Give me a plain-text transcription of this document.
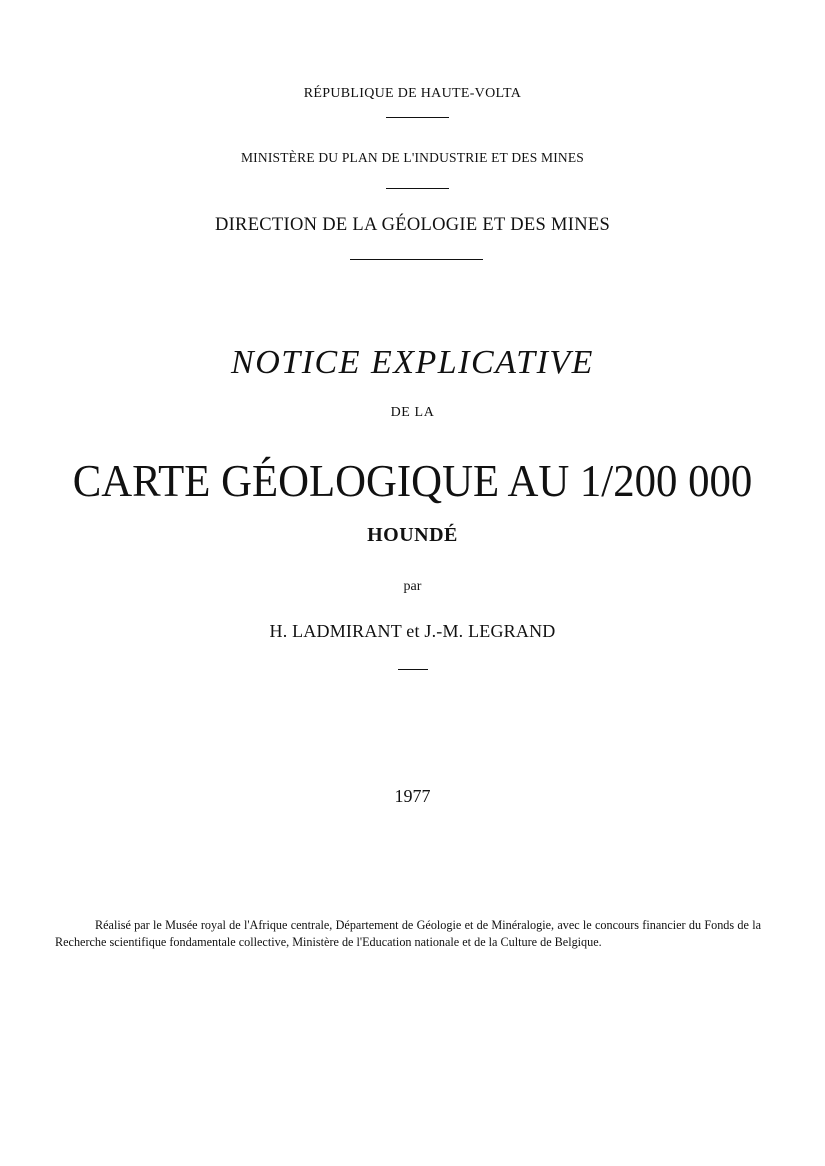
RÉPUBLIQUE DE HAUTE-VOLTA
MINISTÈRE DU PLAN DE L'INDUSTRIE ET DES MINES
DIRECTION DE LA GÉOLOGIE ET DES MINES
NOTICE EXPLICATIVE
DE LA
CARTE GÉOLOGIQUE AU 1/200 000
HOUNDÉ
par
H. LADMIRANT et J.-M. LEGRAND
1977
Réalisé par le Musée royal de l'Afrique centrale, Département de Géologie et de Minéralogie, avec le concours financier du Fonds de la Recherche scientifique fondamentale collective, Ministère de l'Education nationale et de la Culture de Belgique.
